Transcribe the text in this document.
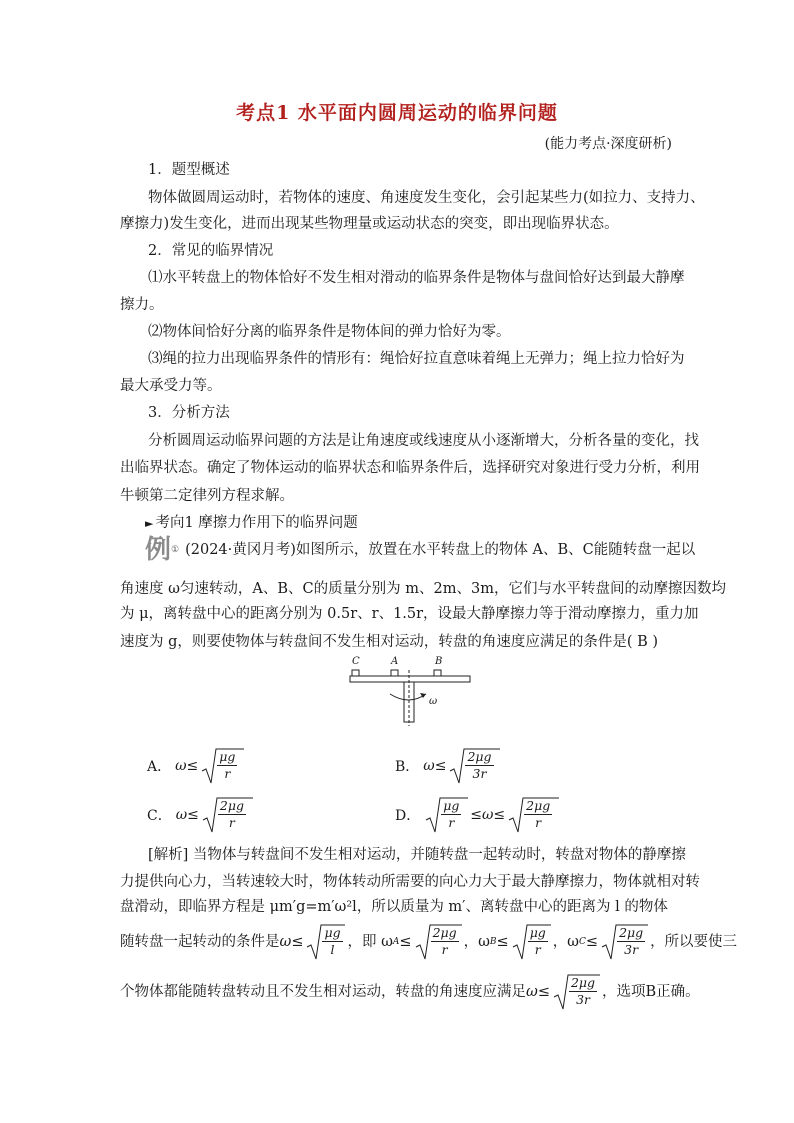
考点1 水平面内圆周运动的临界问题
(能力考点·深度研析)
1．题型概述
物体做圆周运动时，若物体的速度、角速度发生变化，会引起某些力(如拉力、支持力、
摩擦力)发生变化，进而出现某些物理量或运动状态的突变，即出现临界状态。
2．常见的临界情况
⑴水平转盘上的物体恰好不发生相对滑动的临界条件是物体与盘间恰好达到最大静摩
擦力。
⑵物体间恰好分离的临界条件是物体间的弹力恰好为零。
⑶绳的拉力出现临界条件的情形有：绳恰好拉直意味着绳上无弹力；绳上拉力恰好为
最大承受力等。
3．分析方法
分析圆周运动临界问题的方法是让角速度或线速度从小逐渐增大，分析各量的变化，找
出临界状态。确定了物体运动的临界状态和临界条件后，选择研究对象进行受力分析，利用
牛顿第二定律列方程求解。
► 考向1 摩擦力作用下的临界问题
例 ① (2024·黄冈月考)如图所示，放置在水平转盘上的物体 A、B、C能随转盘一起以
角速度 ω匀速转动，A、B、C的质量分别为 m、2m、3m，它们与水平转盘间的动摩擦因数均
为 μ，离转盘中心的距离分别为 0.5r、r、1.5r，设最大静摩擦力等于滑动摩擦力，重力加
速度为 g，则要使物体与转盘间不发生相对运动，转盘的角速度应满足的条件是( B )
C	A	B
ω
A． $\omega \le \frac{\mu g}{r}$	B． $\omega \le \frac{2\mu g}{3r}$
C． $\omega \le \frac{2\mu g}{r}$	D． $\frac{\mu g}{r} \le \omega \le \frac{2\mu g}{r}$
[解析] 当物体与转盘间不发生相对运动，并随转盘一起转动时，转盘对物体的静摩擦
力提供向心力，当转速较大时，物体转动所需要的向心力大于最大静摩擦力，物体就相对转
盘滑动，即临界方程是 μm′g=m′ω²l，所以质量为 m′、离转盘中心的距离为 l 的物体
随转盘一起转动的条件是 $\omega\le \frac{\mu g}{l}$ ，即 ω $A \le \frac{2\mu g}{r}$ ，ω $B \le \frac{\mu g}{r}$ ，ω $C \le \frac{2\mu g}{3r}$ ，所以要使三
个物体都能随转盘转动且不发生相对运动，转盘的角速度应满足 $\omega\le \frac{2\mu g}{3r}$ ，选项B正确。
